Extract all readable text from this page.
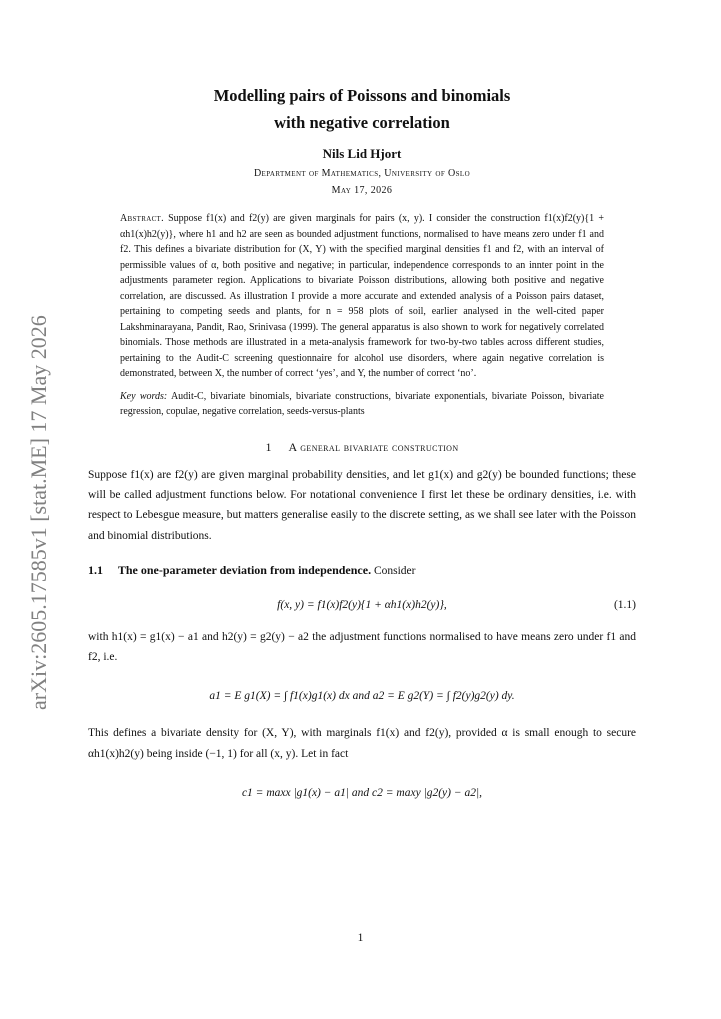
arXiv:2605.17585v1 [stat.ME] 17 May 2026

Modelling pairs of Poissons and binomials

with negative correlation

Nils Lid Hjort
Department of Mathematics, University of Oslo
May 17, 2026
Abstract. Suppose f1(x) and f2(y) are given marginals for pairs (x, y). I consider the construction f1(x)f2(y){1 + αh1(x)h2(y)}, where h1 and h2 are seen as bounded adjustment functions, normalised to have means zero under f1 and f2. This defines a bivariate distribution for (X, Y) with the specified marginal densities f1 and f2, with an interval of permissible values of α, both positive and negative; in particular, independence corresponds to an innter point in the adjustments parameter region. Applications to bivariate Poisson distributions, allowing both positive and negative correlation, are discussed. As illustration I provide a more accurate and extended analysis of a Poisson pairs dataset, pertaining to competing seeds and plants, for n = 958 plots of soil, earlier analysed in the well-cited paper Lakshminarayana, Pandit, Rao, Srinivasa (1999). The general apparatus is also shown to work for negatively correlated binomials. Those methods are illustrated in a meta-analysis framework for two-by-two tables across different studies, pertaining to the Audit-C screening questionnaire for alcohol use disorders, where again negative correlation is demonstrated, between X, the number of correct ‘yes’, and Y, the number of correct ‘no’.
Key words: Audit-C, bivariate binomials, bivariate constructions, bivariate exponentials, bivariate Poisson, bivariate regression, copulae, negative correlation, seeds-versus-plants
1 A general bivariate construction

Suppose f1(x) are f2(y) are given marginal probability densities, and let g1(x) and g2(y) be bounded functions; these will be called adjustment functions below. For notational convenience I first let these be ordinary densities, i.e. with respect to Lebesgue measure, but matters generalise easily to the discrete setting, as we shall see later with the Poisson and binomial distributions.

1.1 The one-parameter deviation from independence. Consider

f(x, y) = f1(x)f2(y){1 + αh1(x)h2(y)},	(1.1)

with h1(x) = g1(x) − a1 and h2(y) = g2(y) − a2 the adjustment functions normalised to have means zero under f1 and f2, i.e.

a1 = E g1(X) = ∫ f1(x)g1(x) dx and a2 = E g2(Y) = ∫ f2(y)g2(y) dy.

This defines a bivariate density for (X, Y), with marginals f1(x) and f2(y), provided α is small enough to secure αh1(x)h2(y) being inside (−1, 1) for all (x, y). Let in fact

c1 = maxx |g1(x) − a1| and c2 = maxy |g2(y) − a2|,
1
